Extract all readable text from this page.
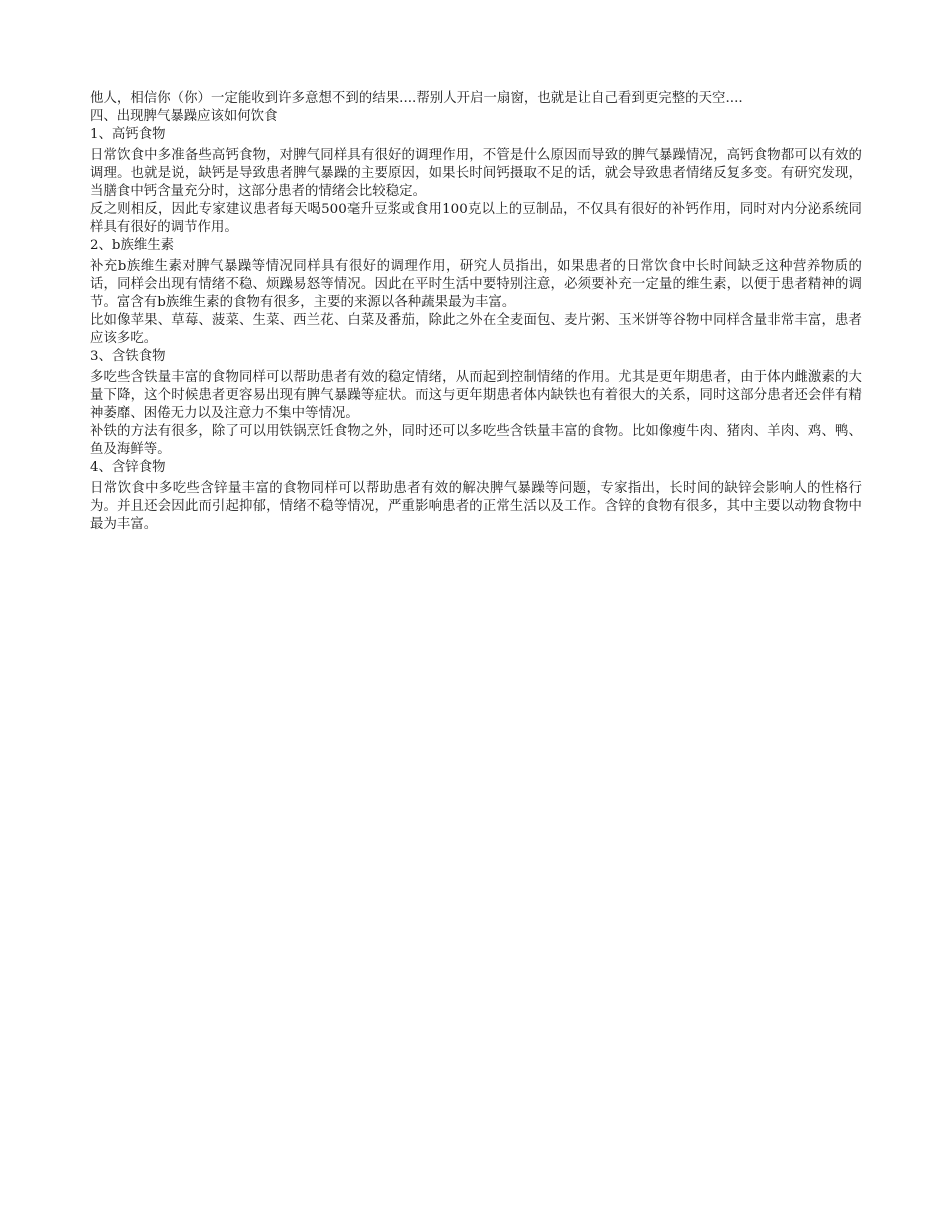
他人，相信你（你）一定能收到许多意想不到的结果....帮别人开启一扇窗，也就是让自己看到更完整的天空....

四、出现脾气暴躁应该如何饮食

1、高钙食物

日常饮食中多准备些高钙食物，对脾气同样具有很好的调理作用，不管是什么原因而导致的脾气暴躁情况，高钙食物都可以有效的调理。也就是说，缺钙是导致患者脾气暴躁的主要原因，如果长时间钙摄取不足的话，就会导致患者情绪反复多变。有研究发现，当膳食中钙含量充分时，这部分患者的情绪会比较稳定。

反之则相反，因此专家建议患者每天喝500毫升豆浆或食用100克以上的豆制品，不仅具有很好的补钙作用，同时对内分泌系统同样具有很好的调节作用。

2、b族维生素

补充b族维生素对脾气暴躁等情况同样具有很好的调理作用，研究人员指出，如果患者的日常饮食中长时间缺乏这种营养物质的话，同样会出现有情绪不稳、烦躁易怒等情况。因此在平时生活中要特别注意，必须要补充一定量的维生素，以便于患者精神的调节。富含有b族维生素的食物有很多，主要的来源以各种蔬果最为丰富。

比如像苹果、草莓、菠菜、生菜、西兰花、白菜及番茄，除此之外在全麦面包、麦片粥、玉米饼等谷物中同样含量非常丰富，患者应该多吃。

3、含铁食物

多吃些含铁量丰富的食物同样可以帮助患者有效的稳定情绪，从而起到控制情绪的作用。尤其是更年期患者，由于体内雌激素的大量下降，这个时候患者更容易出现有脾气暴躁等症状。而这与更年期患者体内缺铁也有着很大的关系，同时这部分患者还会伴有精神萎靡、困倦无力以及注意力不集中等情况。

补铁的方法有很多，除了可以用铁锅烹饪食物之外，同时还可以多吃些含铁量丰富的食物。比如像瘦牛肉、猪肉、羊肉、鸡、鸭、鱼及海鲜等。

4、含锌食物

日常饮食中多吃些含锌量丰富的食物同样可以帮助患者有效的解决脾气暴躁等问题，专家指出，长时间的缺锌会影响人的性格行为。并且还会因此而引起抑郁，情绪不稳等情况，严重影响患者的正常生活以及工作。含锌的食物有很多，其中主要以动物食物中最为丰富。
